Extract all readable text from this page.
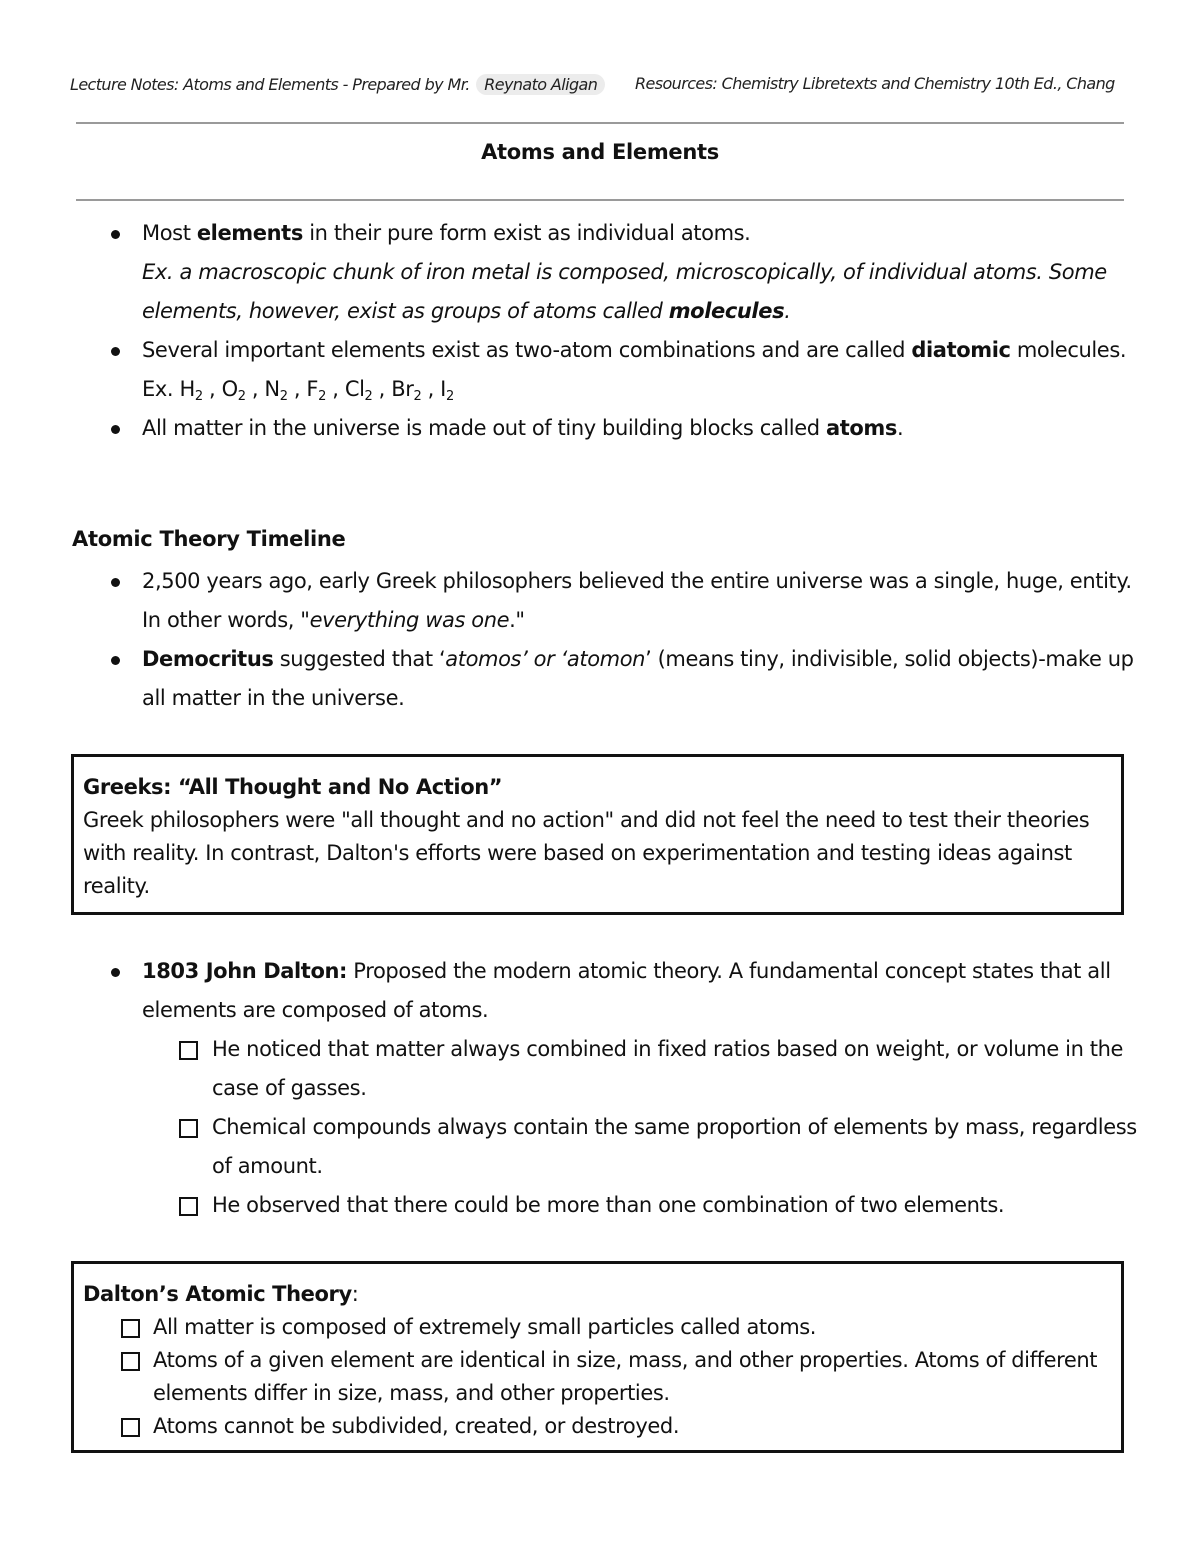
Lecture Notes: Atoms and Elements - Prepared by Mr. Reynato Aligan	Resources: Chemistry Libretexts and Chemistry 10th Ed., Chang
Atoms and Elements
Most elements in their pure form exist as individual atoms.
Ex. a macroscopic chunk of iron metal is composed, microscopically, of individual atoms. Some elements, however, exist as groups of atoms called molecules.
Several important elements exist as two-atom combinations and are called diatomic molecules.
Ex. $H_2$ , $O_2$ , $N_2$ , $F_2$ , $Cl_2$ , $Br_2$ , $I_2$
All matter in the universe is made out of tiny building blocks called atoms.
Atomic Theory Timeline
2,500 years ago, early Greek philosophers believed the entire universe was a single, huge, entity. In other words, "everything was one."
Democritus suggested that ‘atomos’ or ‘atomon’ (means tiny, indivisible, solid objects)-make up all matter in the universe.
Greeks: “All Thought and No Action”
Greek philosophers were "all thought and no action" and did not feel the need to test their theories with reality. In contrast, Dalton's efforts were based on experimentation and testing ideas against reality.
1803 John Dalton: Proposed the modern atomic theory. A fundamental concept states that all elements are composed of atoms.
He noticed that matter always combined in fixed ratios based on weight, or volume in the case of gasses.
Chemical compounds always contain the same proportion of elements by mass, regardless of amount.
He observed that there could be more than one combination of two elements.
Dalton’s Atomic Theory:
All matter is composed of extremely small particles called atoms.
Atoms of a given element are identical in size, mass, and other properties. Atoms of different elements differ in size, mass, and other properties.
Atoms cannot be subdivided, created, or destroyed.
